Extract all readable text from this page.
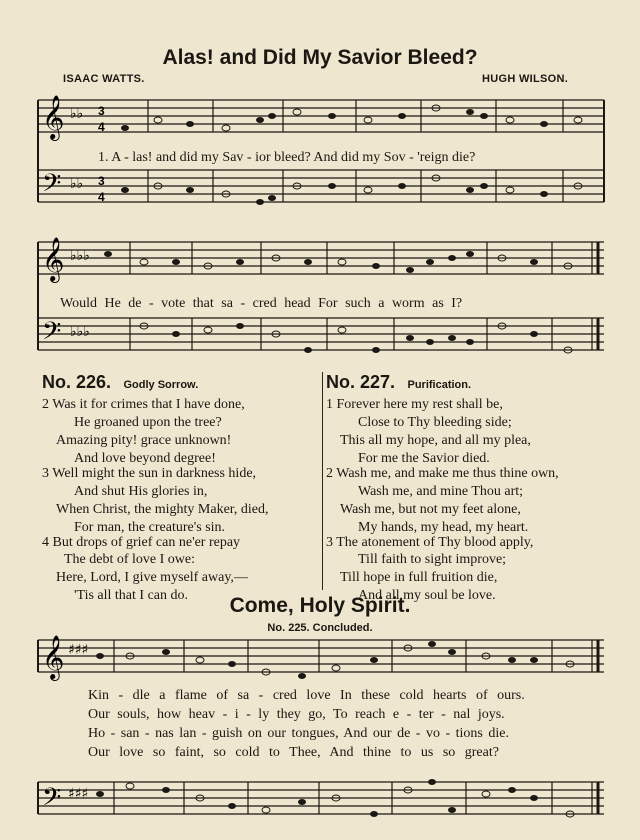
Alas! and Did My Savior Bleed?
ISAAC WATTS.	HUGH WILSON.
𝄞
𝄢
♭♭
♭♭
3
4
3
4
1. A - las! and did my Sav - ior bleed? And did my Sov - 'reign die?
𝄞
𝄢
♭♭♭
♭♭♭
Would He de - vote that sa - cred head For such a worm as I?
No. 226. Godly Sorrow.
2 Was it for crimes that I have done,
He groaned upon the tree?
Amazing pity! grace unknown!
And love beyond degree!
3 Well might the sun in darkness hide,
And shut His glories in,
When Christ, the mighty Maker, died,
For man, the creature's sin.
4 But drops of grief can ne'er repay
The debt of love I owe:
Here, Lord, I give myself away,—
'Tis all that I can do.
No. 227. Purification.
1 Forever here my rest shall be,
Close to Thy bleeding side;
This all my hope, and all my plea,
For me the Savior died.
2 Wash me, and make me thus thine own,
Wash me, and mine Thou art;
Wash me, but not my feet alone,
My hands, my head, my heart.
3 The atonement of Thy blood apply,
Till faith to sight improve;
Till hope in full fruition die,
And all my soul be love.
Come, Holy Spirit.
No. 225. Concluded.
𝄞 ♯♯♯
Kin - dle a flame of sa - cred love In these cold hearts of ours.
Our souls, how heav - i - ly they go, To reach e - ter - nal joys.
Ho - san - nas lan - guish on our tongues, And our de - vo - tions die.
Our love so faint, so cold to Thee, And thine to us so great?
𝄢 ♯♯♯
